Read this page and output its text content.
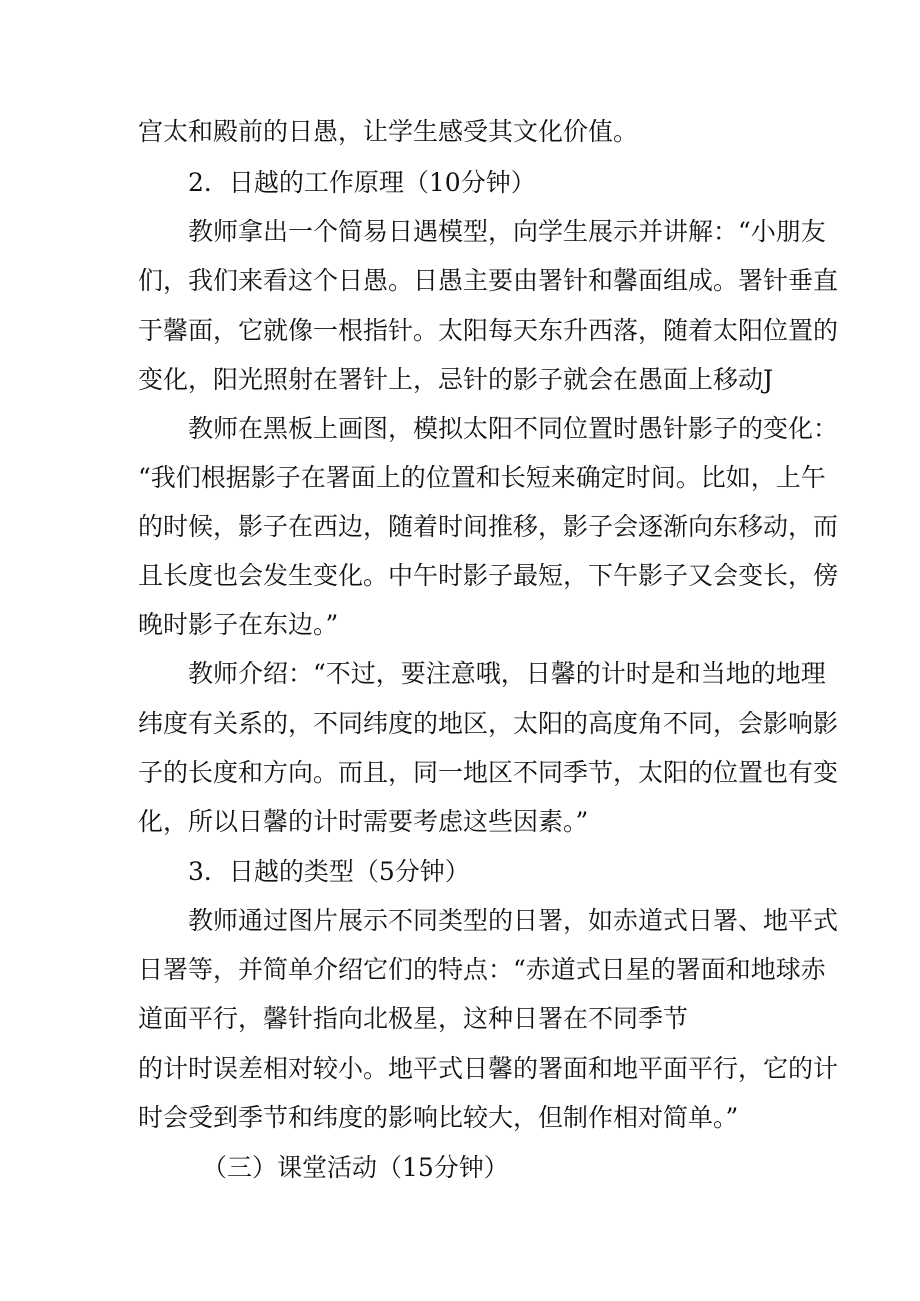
宫太和殿前的日愚，让学生感受其文化价值。
2．日越的工作原理（10分钟）
教师拿出一个简易日遇模型，向学生展示并讲解：“小朋友
们，我们来看这个日愚。日愚主要由署针和馨面组成。署针垂直
于馨面，它就像一根指针。太阳每天东升西落，随着太阳位置的
变化，阳光照射在署针上，忌针的影子就会在愚面上移动J
教师在黑板上画图，模拟太阳不同位置时愚针影子的变化：
“我们根据影子在署面上的位置和长短来确定时间。比如，上午
的时候，影子在西边，随着时间推移，影子会逐渐向东移动，而
且长度也会发生变化。中午时影子最短，下午影子又会变长，傍
晚时影子在东边。”
教师介绍：“不过，要注意哦，日馨的计时是和当地的地理
纬度有关系的，不同纬度的地区，太阳的高度角不同，会影响影
子的长度和方向。而且，同一地区不同季节，太阳的位置也有变
化，所以日馨的计时需要考虑这些因素。”
3．日越的类型（5分钟）
教师通过图片展示不同类型的日署，如赤道式日署、地平式
日署等，并简单介绍它们的特点：“赤道式日星的署面和地球赤
道面平行，馨针指向北极星，这种日署在不同季节
的计时误差相对较小。地平式日馨的署面和地平面平行，它的计
时会受到季节和纬度的影响比较大，但制作相对简单。”
（三）课堂活动（15分钟）
